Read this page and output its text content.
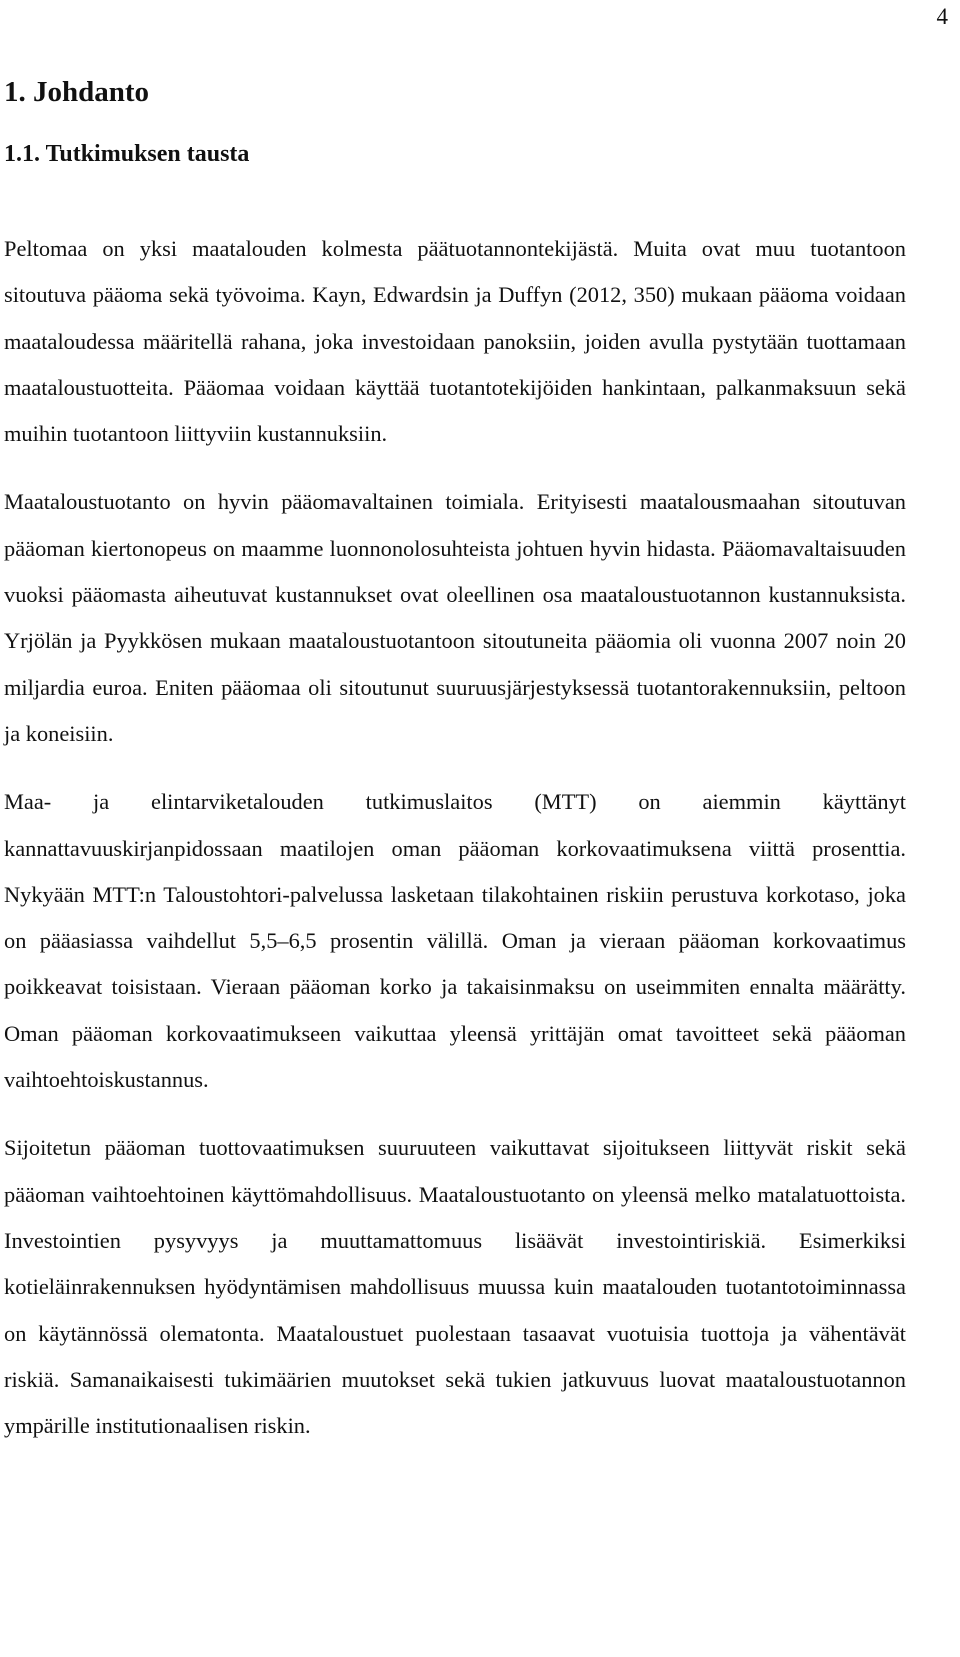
4
1. Johdanto
1.1. Tutkimuksen tausta

Peltomaa on yksi maatalouden kolmesta päätuotannontekijästä. Muita ovat muu tuotantoon sitoutuva pääoma sekä työvoima. Kayn, Edwardsin ja Duffyn (2012, 350) mukaan pääoma voidaan maataloudessa määritellä rahana, joka investoidaan panoksiin, joiden avulla pystytään tuottamaan maataloustuotteita. Pääomaa voidaan käyttää tuotantotekijöiden hankintaan, palkanmaksuun sekä muihin tuotantoon liittyviin kustannuksiin.

Maataloustuotanto on hyvin pääomavaltainen toimiala. Erityisesti maatalousmaahan sitoutuvan pääoman kiertonopeus on maamme luonnonolosuhteista johtuen hyvin hidasta. Pääomavaltaisuuden vuoksi pääomasta aiheutuvat kustannukset ovat oleellinen osa maataloustuotannon kustannuksista. Yrjölän ja Pyykkösen mukaan maataloustuotantoon sitoutuneita pääomia oli vuonna 2007 noin 20 miljardia euroa. Eniten pääomaa oli sitoutunut suuruusjärjestyksessä tuotantorakennuksiin, peltoon ja koneisiin.

Maa- ja elintarviketalouden tutkimuslaitos (MTT) on aiemmin käyttänyt kannattavuuskirjanpidossaan maatilojen oman pääoman korkovaatimuksena viittä prosenttia. Nykyään MTT:n Taloustohtori-palvelussa lasketaan tilakohtainen riskiin perustuva korkotaso, joka on pääasiassa vaihdellut 5,5–6,5 prosentin välillä. Oman ja vieraan pääoman korkovaatimus poikkeavat toisistaan. Vieraan pääoman korko ja takaisinmaksu on useimmiten ennalta määrätty. Oman pääoman korkovaatimukseen vaikuttaa yleensä yrittäjän omat tavoitteet sekä pääoman vaihtoehtoiskustannus.

Sijoitetun pääoman tuottovaatimuksen suuruuteen vaikuttavat sijoitukseen liittyvät riskit sekä pääoman vaihtoehtoinen käyttömahdollisuus. Maataloustuotanto on yleensä melko matalatuottoista. Investointien pysyvyys ja muuttamattomuus lisäävät investointiriskiä. Esimerkiksi kotieläinrakennuksen hyödyntämisen mahdollisuus muussa kuin maatalouden tuotantotoiminnassa on käytännössä olematonta. Maataloustuet puolestaan tasaavat vuotuisia tuottoja ja vähentävät riskiä. Samanaikaisesti tukimäärien muutokset sekä tukien jatkuvuus luovat maataloustuotannon ympärille institutionaalisen riskin.
